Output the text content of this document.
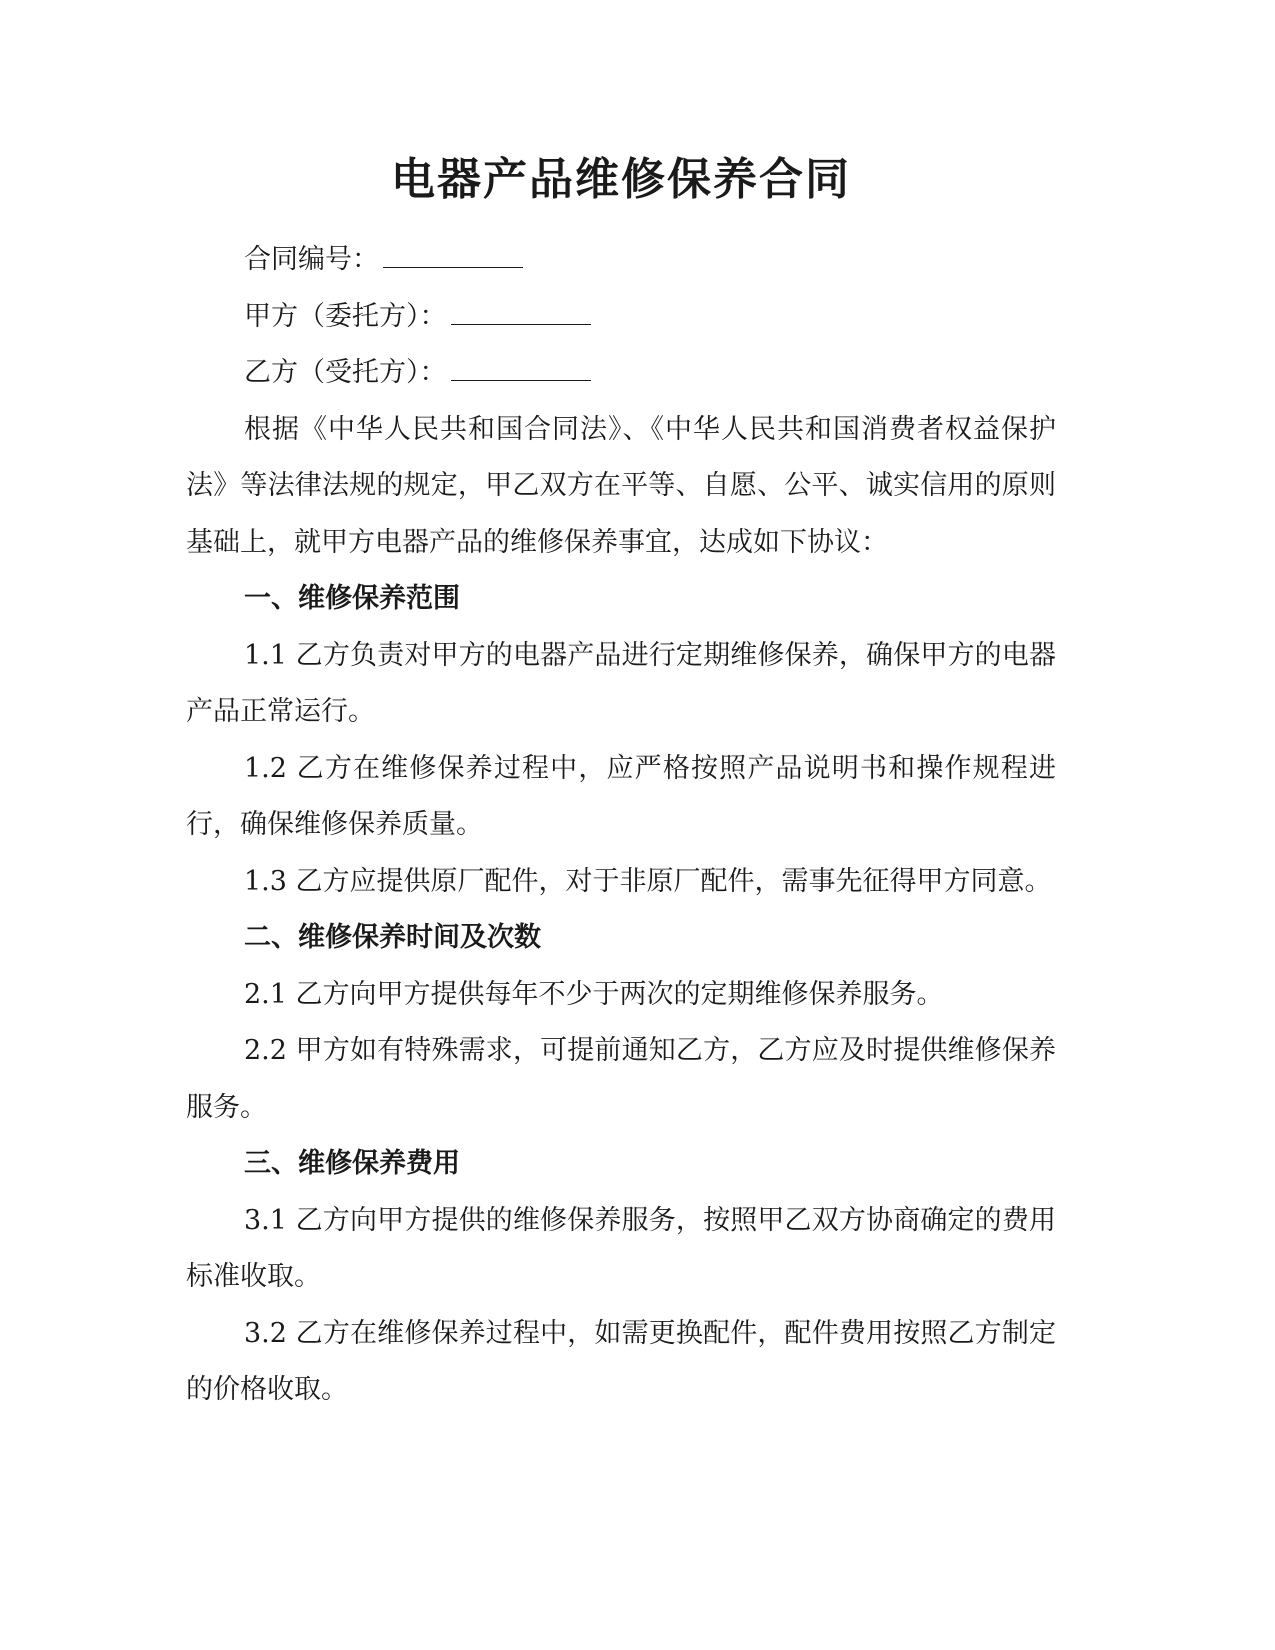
电器产品维修保养合同

合同编号：

甲方（委托方）：

乙方（受托方）：

根据《中华人民共和国合同法》、《中华人民共和国消费者权益保护法》等法律法规的规定，甲乙双方在平等、自愿、公平、诚实信用的原则基础上，就甲方电器产品的维修保养事宜，达成如下协议：

一、维修保养范围

1.1 乙方负责对甲方的电器产品进行定期维修保养，确保甲方的电器产品正常运行。

1.2 乙方在维修保养过程中，应严格按照产品说明书和操作规程进行，确保维修保养质量。

1.3 乙方应提供原厂配件，对于非原厂配件，需事先征得甲方同意。

二、维修保养时间及次数

2.1 乙方向甲方提供每年不少于两次的定期维修保养服务。

2.2 甲方如有特殊需求，可提前通知乙方，乙方应及时提供维修保养服务。

三、维修保养费用

3.1 乙方向甲方提供的维修保养服务，按照甲乙双方协商确定的费用标准收取。

3.2 乙方在维修保养过程中，如需更换配件，配件费用按照乙方制定的价格收取。
